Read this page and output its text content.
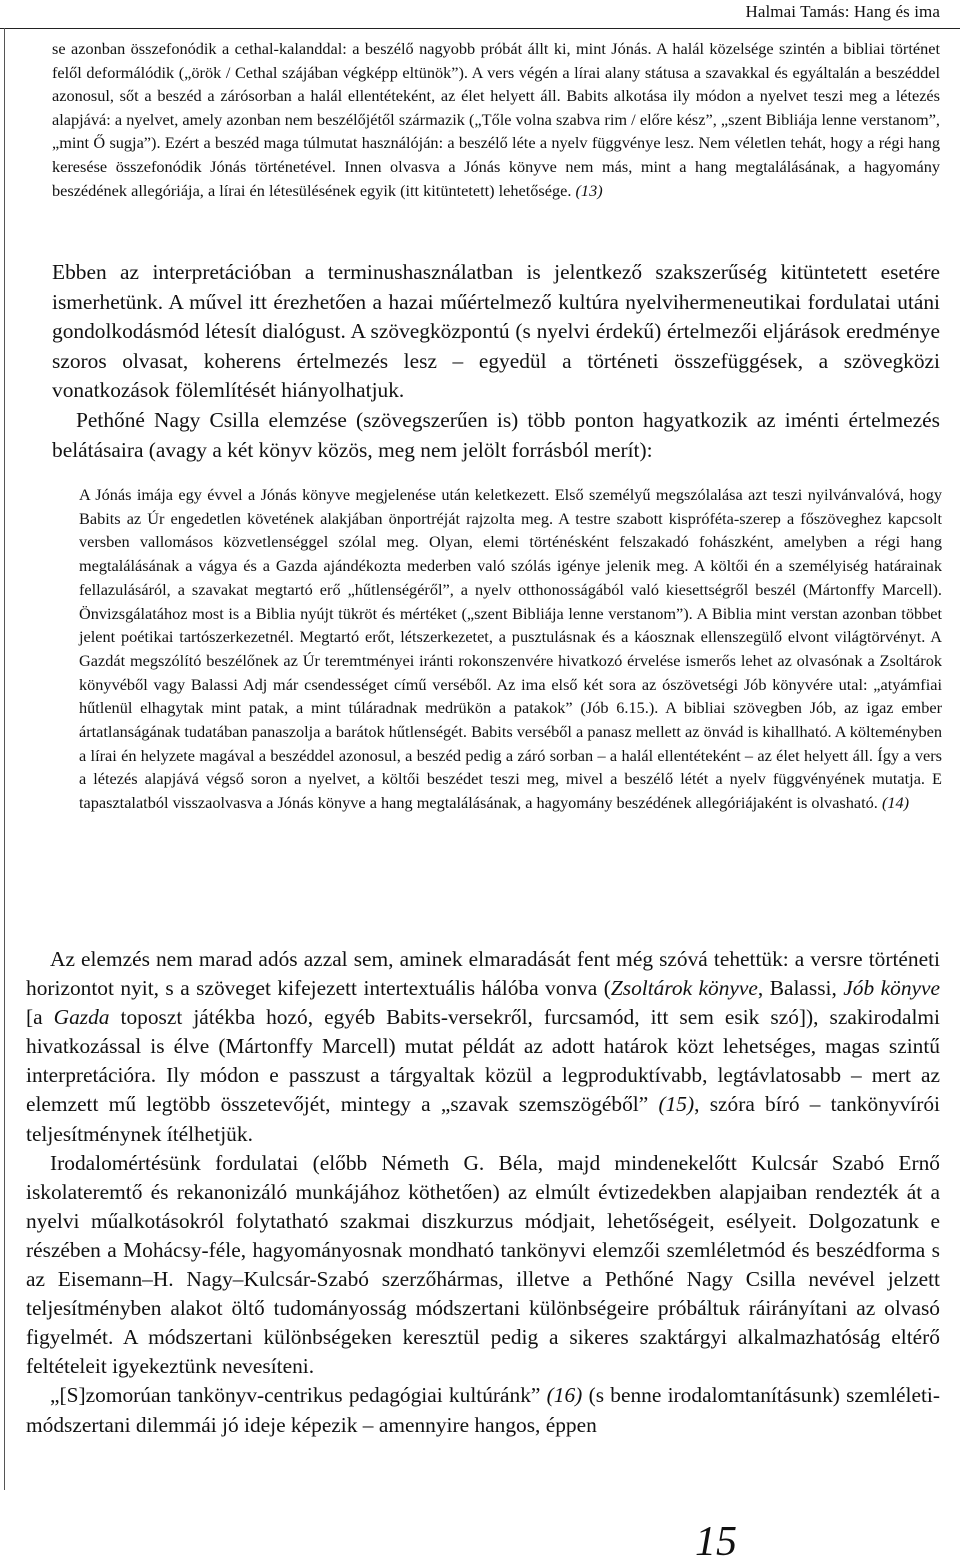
Halmai Tamás: Hang és ima

se azonban összefonódik a cethal-kalanddal: a beszélő nagyobb próbát állt ki, mint Jónás. A halál közelsége szintén a bibliai történet felől deformálódik („örök / Cethal szájában végképp eltünök”). A vers végén a lírai alany státusa a szavakkal és egyáltalán a beszéddel azonosul, sőt a beszéd a zárósorban a halál ellentéteként, az élet helyett áll. Babits alkotása ily módon a nyelvet teszi meg a létezés alapjává: a nyelvet, amely azonban nem beszélőjétől származik („Tőle volna szabva rim / előre kész”, „szent Bibliája lenne verstanom”, „mint Ő sugja”). Ezért a beszéd maga túlmutat használóján: a beszélő léte a nyelv függvénye lesz. Nem véletlen tehát, hogy a régi hang keresése összefonódik Jónás történetével. Innen olvasva a Jónás könyve nem más, mint a hang megtalálásának, a hagyomány beszédének allegóriája, a lírai én létesülésének egyik (itt kitüntetett) lehetősége. (13)

Ebben az interpretációban a terminushasználatban is jelentkező szakszerűség kitüntetett esetére ismerhetünk. A művel itt érezhetően a hazai műértelmező kultúra nyelvihermeneutikai fordulatai utáni gondolkodásmód létesít dialógust. A szövegközpontú (s nyelvi érdekű) értelmezői eljárások eredménye szoros olvasat, koherens értelmezés lesz – egyedül a történeti összefüggések, a szövegközi vonatkozások fölemlítését hiányolhatjuk.

Pethőné Nagy Csilla elemzése (szövegszerűen is) több ponton hagyatkozik az iménti értelmezés belátásaira (avagy a két könyv közös, meg nem jelölt forrásból merít):

A Jónás imája egy évvel a Jónás könyve megjelenése után keletkezett. Első személyű megszólalása azt teszi nyilvánvalóvá, hogy Babits az Úr engedetlen követének alakjában önportréját rajzolta meg. A testre szabott kispróféta-szerep a főszöveghez kapcsolt versben vallomásos közvetlenséggel szólal meg. Olyan, elemi történésként felszakadó fohászként, amelyben a régi hang megtalálásának a vágya és a Gazda ajándékozta mederben való szólás igénye jelenik meg. A költői én a személyiség határainak fellazulásáról, a szavakat megtartó erő „hűtlenségéről”, a nyelv otthonosságából való kiesettségről beszél (Mártonffy Marcell). Önvizsgálatához most is a Biblia nyújt tükröt és mértéket („szent Bibliája lenne verstanom”). A Biblia mint verstan azonban többet jelent poétikai tartószerkezetnél. Megtartó erőt, létszerkezetet, a pusztulásnak és a káosznak ellenszegülő elvont világtörvényt. A Gazdát megszólító beszélőnek az Úr teremtményei iránti rokonszenvére hivatkozó érvelése ismerős lehet az olvasónak a Zsoltárok könyvéből vagy Balassi Adj már csendességet című verséből. Az ima első két sora az ószövetségi Jób könyvére utal: „atyámfiai hűtlenül elhagytak mint patak, a mint túláradnak medrükön a patakok” (Jób 6.15.). A bibliai szövegben Jób, az igaz ember ártatlanságának tudatában panaszolja a barátok hűtlenségét. Babits verséből a panasz mellett az önvád is kihallható. A költeményben a lírai én helyzete magával a beszéddel azonosul, a beszéd pedig a záró sorban – a halál ellentéteként – az élet helyett áll. Így a vers a létezés alapjává végső soron a nyelvet, a költői beszédet teszi meg, mivel a beszélő létét a nyelv függvényének mutatja. E tapasztalatból visszaolvasva a Jónás könyve a hang megtalálásának, a hagyomány beszédének allegóriájaként is olvasható. (14)

Az elemzés nem marad adós azzal sem, aminek elmaradását fent még szóvá tehettük: a versre történeti horizontot nyit, s a szöveget kifejezett intertextuális hálóba vonva (Zsoltárok könyve, Balassi, Jób könyve [a Gazda toposzt játékba hozó, egyéb Babits-versekről, furcsamód, itt sem esik szó]), szakirodalmi hivatkozással is élve (Mártonffy Marcell) mutat példát az adott határok közt lehetséges, magas szintű interpretációra. Ily módon e passzust a tárgyaltak közül a legproduktívabb, legtávlatosabb – mert az elemzett mű legtöbb összetevőjét, mintegy a „szavak szemszögéből” (15), szóra bíró – tankönyvírói teljesítménynek ítélhetjük.

Irodalomértésünk fordulatai (előbb Németh G. Béla, majd mindenekelőtt Kulcsár Szabó Ernő iskolateremtő és rekanonizáló munkájához köthetően) az elmúlt évtizedekben alapjaiban rendezték át a nyelvi műalkotásokról folytatható szakmai diszkurzus módjait, lehetőségeit, esélyeit. Dolgozatunk e részében a Mohácsy-féle, hagyományosnak mondható tankönyvi elemzői szemléletmód és beszédforma s az Eisemann–H. Nagy–Kulcsár-Szabó szerzőhármas, illetve a Pethőné Nagy Csilla nevével jelzett teljesítményben alakot öltő tudományosság módszertani különbségeire próbáltuk ráirányítani az olvasó figyelmét. A módszertani különbségeken keresztül pedig a sikeres szaktárgyi alkalmazhatóság eltérő feltételeit igyekeztünk nevesíteni.

„[S]zomorúan tankönyv-centrikus pedagógiai kultúránk” (16) (s benne irodalomtanításunk) szemléleti-módszertani dilemmái jó ideje képezik – amennyire hangos, éppen

15
